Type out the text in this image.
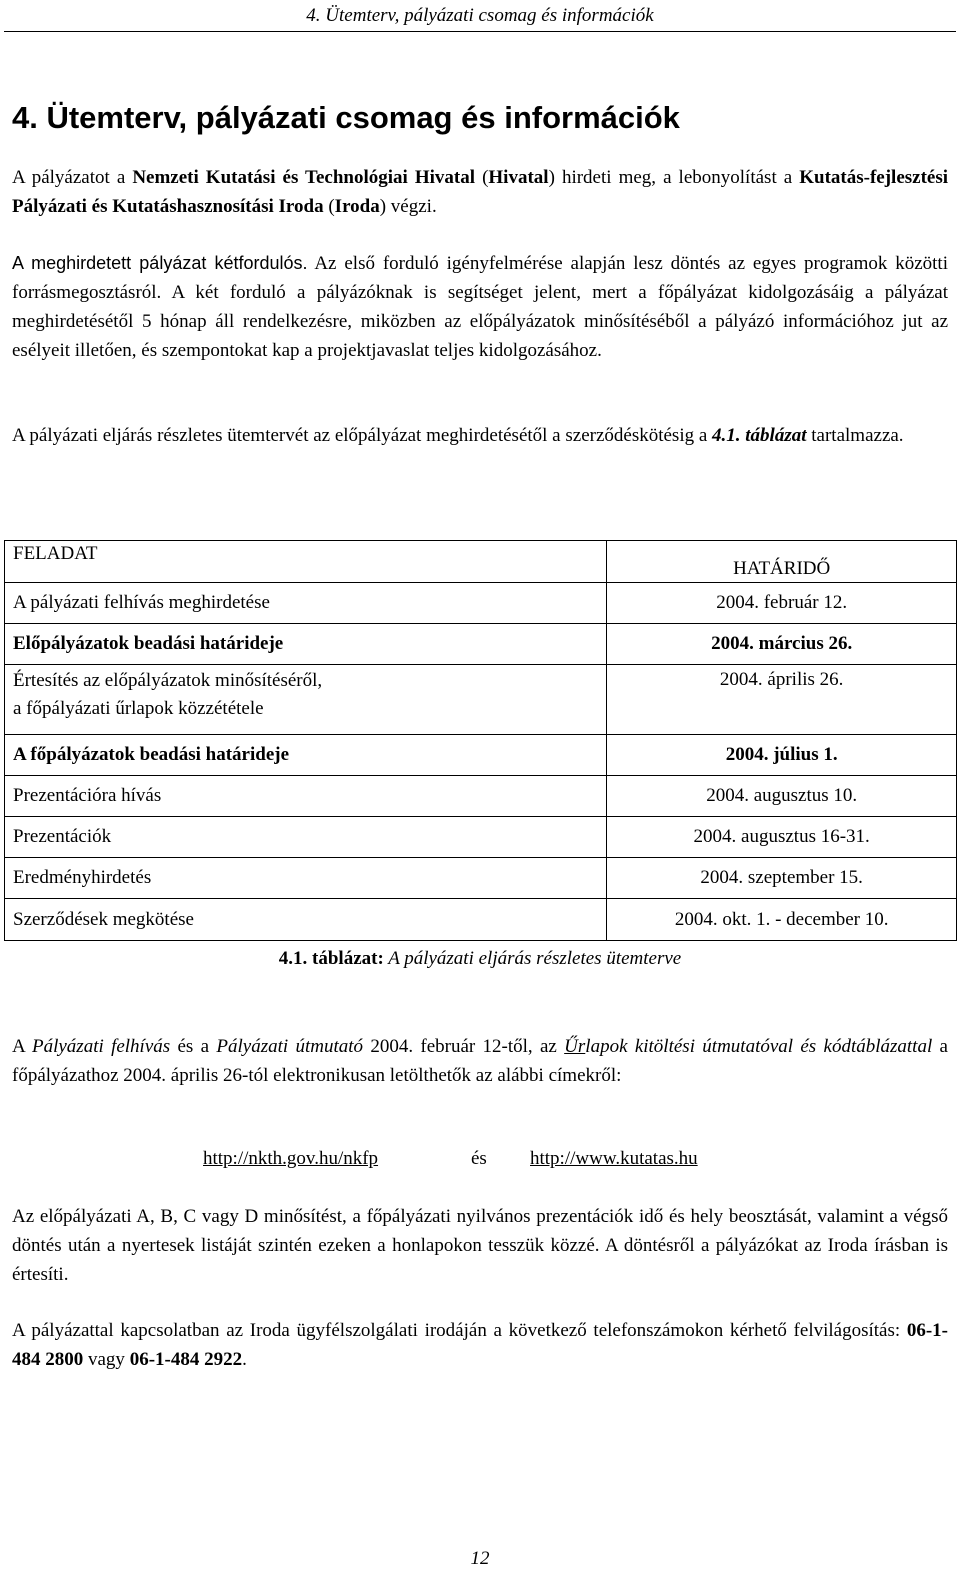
4. Ütemterv, pályázati csomag és információk
4. Ütemterv, pályázati csomag és információk

A pályázatot a Nemzeti Kutatási és Technológiai Hivatal (Hivatal) hirdeti meg, a lebonyolítást a Kutatás-fejlesztési Pályázati és Kutatáshasznosítási Iroda (Iroda) végzi.

A meghirdetett pályázat kétfordulós. Az első forduló igényfelmérése alapján lesz döntés az egyes programok közötti forrásmegosztásról. A két forduló a pályázóknak is segítséget jelent, mert a főpályázat kidolgozásáig a pályázat meghirdetésétől 5 hónap áll rendelkezésre, miközben az előpályázatok minősítéséből a pályázó információhoz jut az esélyeit illetően, és szempontokat kap a projektjavaslat teljes kidolgozásához.

A pályázati eljárás részletes ütemtervét az előpályázat meghirdetésétől a szerződéskötésig a 4.1. táblázat tartalmazza.

FELADAT	HATÁRIDŐ
A pályázati felhívás meghirdetése	2004. február 12.
Előpályázatok beadási határideje	2004. március 26.

Értesítés az előpályázatok minősítéséről,
a főpályázati űrlapok közzététele	2004. április 26.
A főpályázatok beadási határideje	2004. július 1.
Prezentációra hívás	2004. augusztus 10.
Prezentációk	2004. augusztus 16-31.
Eredményhirdetés	2004. szeptember 15.
Szerződések megkötése	2004. okt. 1. - december 10.
4.1. táblázat: A pályázati eljárás részletes ütemterve

A Pályázati felhívás és a Pályázati útmutató 2004. február 12-től, az Űrlapok kitöltési útmutatóval és kódtáblázattal a főpályázathoz 2004. április 26-tól elektronikusan letölthetők az alábbi címekről:

http://nkth.gov.hu/nkfp	és http://www.kutatas.hu

Az előpályázati A, B, C vagy D minősítést, a főpályázati nyilvános prezentációk idő és hely beosztását, valamint a végső döntés után a nyertesek listáját szintén ezeken a honlapokon tesszük közzé. A döntésről a pályázókat az Iroda írásban is értesíti.

A pályázattal kapcsolatban az Iroda ügyfélszolgálati irodáján a következő telefonszámokon kérhető felvilágosítás: 06-1-484 2800 vagy 06-1-484 2922.

12
